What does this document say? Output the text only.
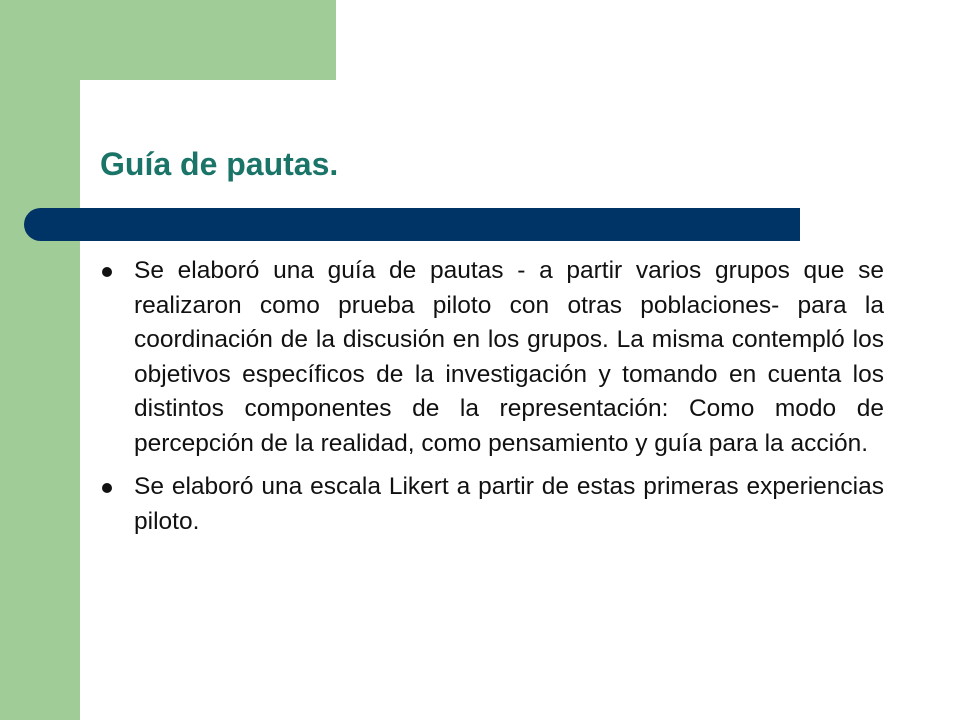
Guía de pautas.
Se elaboró una guía de pautas - a partir varios grupos que se realizaron como prueba piloto con otras poblaciones- para la coordinación de la discusión en los grupos. La misma contempló los objetivos específicos de la investigación y tomando en cuenta los distintos componentes de la representación: Como modo de percepción de la realidad, como pensamiento y guía para la acción.
Se elaboró una escala Likert a partir de estas primeras experiencias piloto.
